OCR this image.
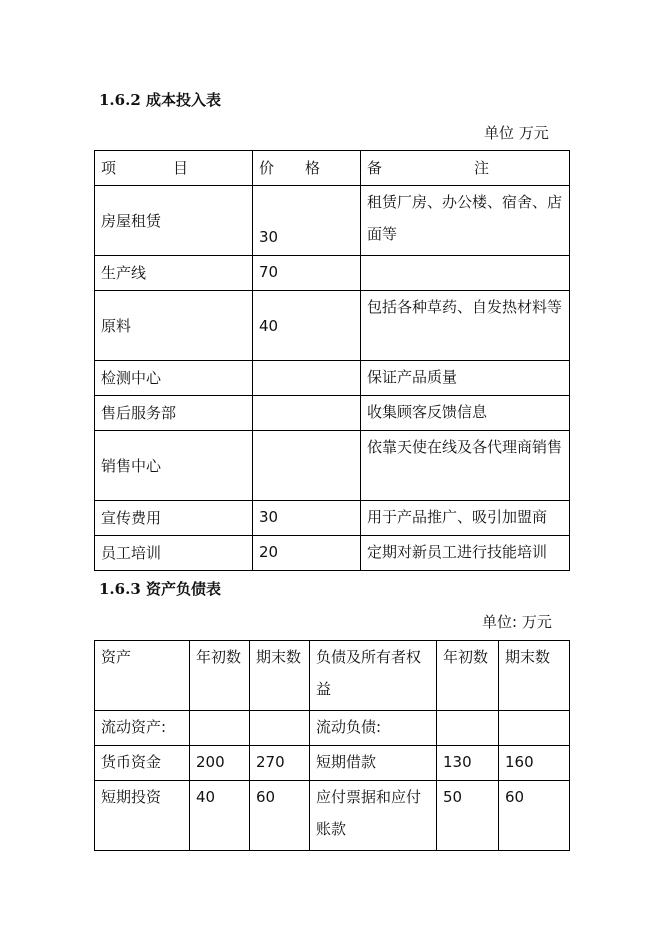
1.6.2 成本投入表
单位 万元
项 目	价 格	备 注

房屋租赁	30	租赁厂房、办公楼、宿舍、店面等
生产线	70	
原料	40	包括各种草药、自发热材料等
检测中心		保证产品质量
售后服务部		收集顾客反馈信息
销售中心		依靠天使在线及各代理商销售
宣传费用	30	用于产品推广、吸引加盟商
员工培训	20	定期对新员工进行技能培训
1.6.3 资产负债表
单位: 万元
资产	年初数	期末数	负债及所有者权益	年初数	期末数
流动资产:			流动负债:		
货币资金	200	270	短期借款	130	160
短期投资	40	60	应付票据和应付账款	50	60
